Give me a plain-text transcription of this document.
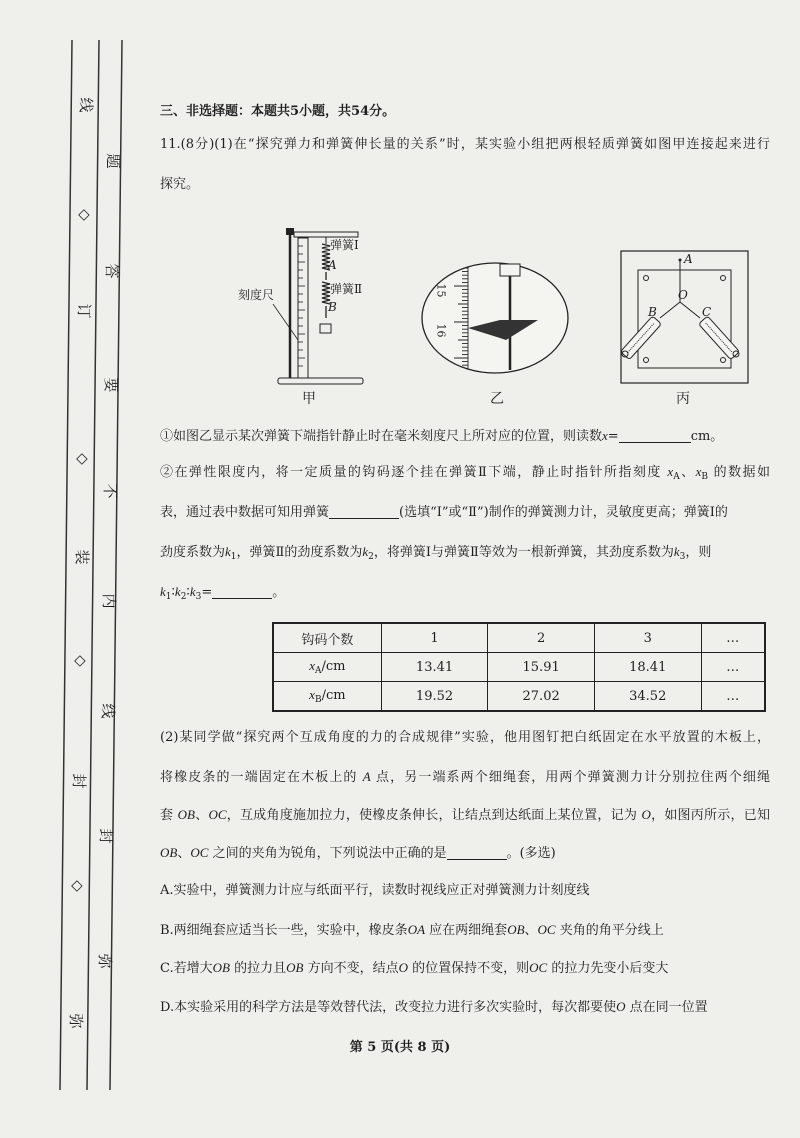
线
◇
订
◇
装
◇
封
◇
弥
题
答
要
不
内
线
封
弥
三、非选择题：本题共5小题，共54分。
11.(8分)(1)在“探究弹力和弹簧伸长量的关系”时，某实验小组把两根轻质弹簧如图甲连接起来进行
探究。
弹簧Ⅰ
A
弹簧Ⅱ
B
刻度尺
甲
15
16
乙
A
O
B	C
丙
①如图乙显示某次弹簧下端指针静止时在毫米刻度尺上所对应的位置，则读数x=	cm。
②在弹性限度内，将一定质量的钩码逐个挂在弹簧Ⅱ下端，静止时指针所指刻度 $x_A$、$x_B$ 的数据如
表，通过表中数据可知用弹簧	(选填“Ⅰ”或“Ⅱ”)制作的弹簧测力计，灵敏度更高；弹簧Ⅰ的
劲度系数为$k_1$，弹簧Ⅱ的劲度系数为$k_2$，将弹簧Ⅰ与弹簧Ⅱ等效为一根新弹簧，其劲度系数为$k_3$，则
$k_1∶k_2∶k_3=$	。
钩码个数	1	2	3	…
$x_A/cm$	13.41	15.91	18.41	…
$x_B/cm$	19.52	27.02	34.52	…
(2)某同学做“探究两个互成角度的力的合成规律”实验，他用图钉把白纸固定在水平放置的木板上，
将橡皮条的一端固定在木板上的 A 点，另一端系两个细绳套，用两个弹簧测力计分别拉住两个细绳
套 OB、OC，互成角度施加拉力，使橡皮条伸长，让结点到达纸面上某位置，记为 O，如图丙所示，已知
OB、OC 之间的夹角为锐角，下列说法中正确的是	。(多选)
A.实验中，弹簧测力计应与纸面平行，读数时视线应正对弹簧测力计刻度线
B.两细绳套应适当长一些，实验中，橡皮条OA 应在两细绳套OB、OC 夹角的角平分线上
C.若增大OB 的拉力且OB 方向不变，结点O 的位置保持不变，则OC 的拉力先变小后变大
D.本实验采用的科学方法是等效替代法，改变拉力进行多次实验时，每次都要使O 点在同一位置
第 5 页(共 8 页)
